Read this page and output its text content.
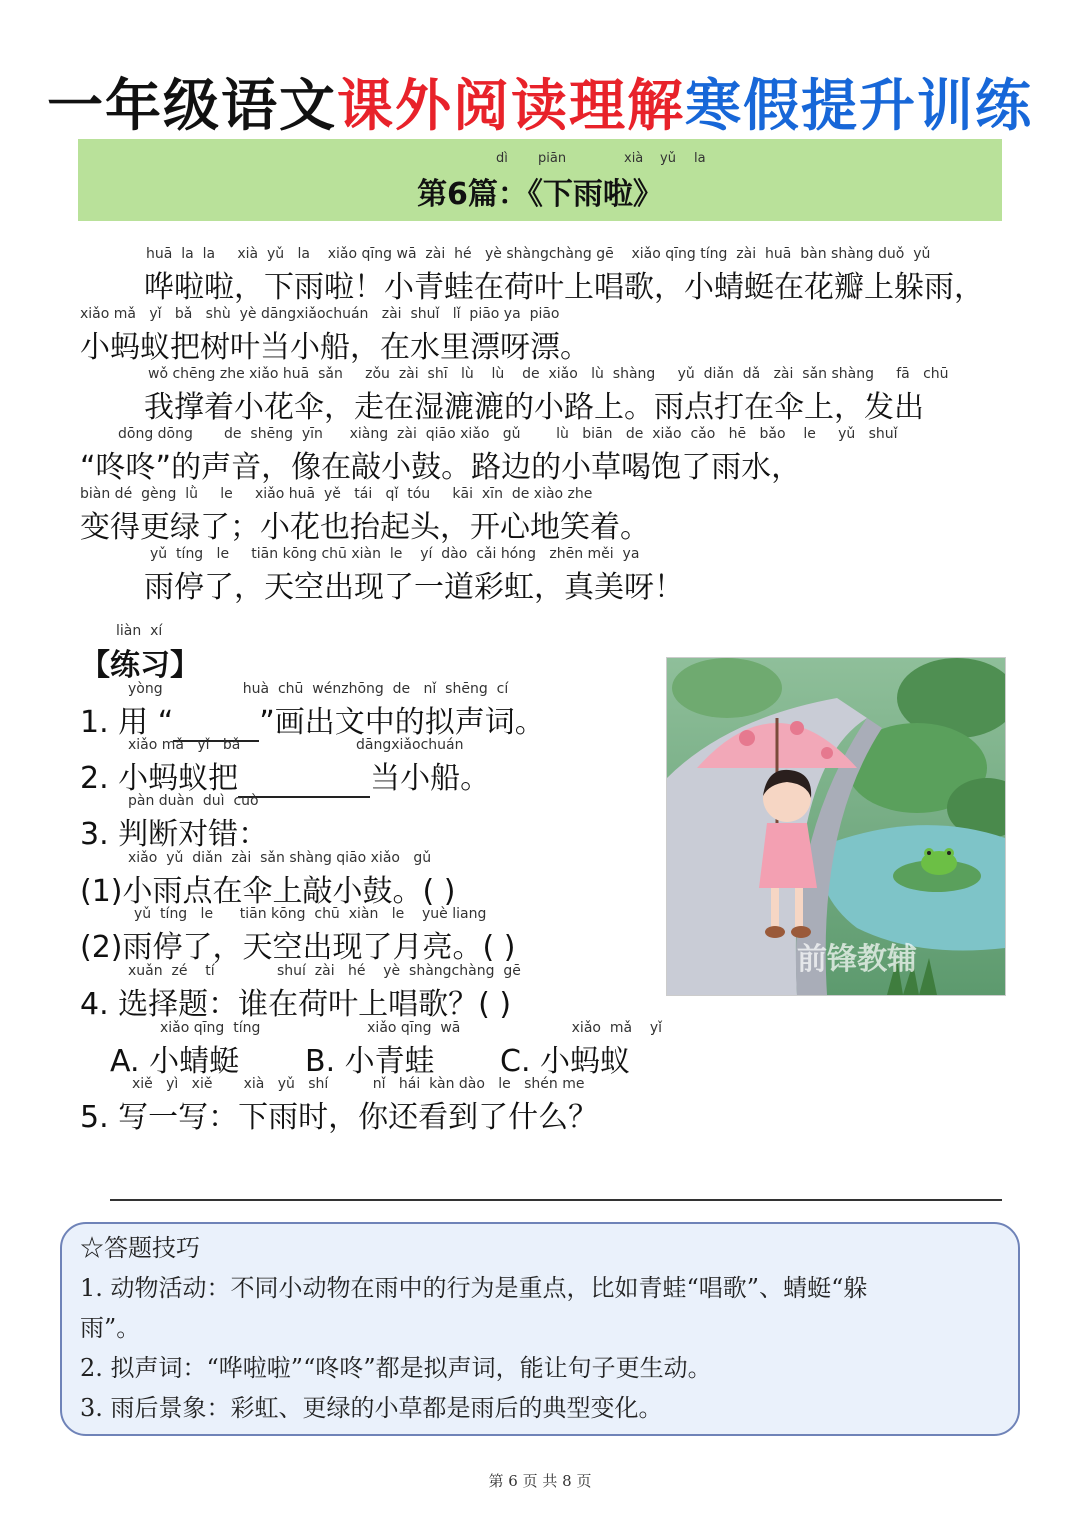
一年级语文课外阅读理解寒假提升训练
dì piān	xià yǔ la
第6篇：《下雨啦》
huā  la  la     xià  yǔ   la    xiǎo qīng wā  zài  hé   yè shàngchàng gē    xiǎo qīng tíng  zài  huā  bàn shàng duǒ  yǔ
哗啦啦，下雨啦！小青蛙在荷叶上唱歌，小蜻蜓在花瓣上躲雨，
xiǎo mǎ   yǐ   bǎ   shù  yè dāngxiǎochuán   zài  shuǐ   lǐ  piāo ya  piāo
小蚂蚁把树叶当小船，在水里漂呀漂。
wǒ chēng zhe xiǎo huā  sǎn     zǒu  zài  shī   lù    lù    de  xiǎo   lù  shàng     yǔ  diǎn  dǎ   zài  sǎn shàng     fā   chū
我撑着小花伞，走在湿漉漉的小路上。雨点打在伞上，发出
dōng dōng       de  shēng  yīn      xiàng  zài  qiāo xiǎo   gǔ        lù   biān   de  xiǎo  cǎo   hē   bǎo    le     yǔ   shuǐ
“咚咚”的声音，像在敲小鼓。路边的小草喝饱了雨水，
biàn dé  gèng  lǜ     le     xiǎo huā  yě   tái   qǐ  tóu     kāi  xīn  de xiào zhe
变得更绿了；小花也抬起头，开心地笑着。
yǔ  tíng   le     tiān kōng chū xiàn  le    yí  dào  cǎi hóng   zhēn měi  ya
雨停了，天空出现了一道彩虹，真美呀！
liàn  xí
【练习】
yòng                  huà  chū  wénzhōng  de   nǐ  shēng  cí
1. 用 “	”画出文中的拟声词。
xiǎo mǎ   yǐ   bǎ                          dāngxiǎochuán
2. 小蚂蚁把	当小船。
pàn duàn  duì  cuò
3. 判断对错：
xiǎo  yǔ  diǎn  zài  sǎn shàng qiāo xiǎo   gǔ
(1)小雨点在伞上敲小鼓。( )
yǔ  tíng   le      tiān kōng  chū  xiàn   le    yuè liang
(2)雨停了，天空出现了月亮。( )
xuǎn  zé    tí              shuí  zài   hé    yè  shàngchàng  gē
4. 选择题：谁在荷叶上唱歌？( )
xiǎo qīng  tíng                        xiǎo qīng  wā                         xiǎo  mǎ    yǐ
A. 小蜻蜓 B. 小青蛙 C. 小蚂蚁
xiě   yì   xiě       xià   yǔ   shí          nǐ   hái  kàn dào   le   shén me
5. 写一写：下雨时，你还看到了什么？
前锋教辅
☆答题技巧
1. 动物活动：不同小动物在雨中的行为是重点，比如青蛙“唱歌”、蜻蜓“躲
雨”。
2. 拟声词：“哗啦啦”“咚咚”都是拟声词，能让句子更生动。
3. 雨后景象：彩虹、更绿的小草都是雨后的典型变化。
第 6 页 共 8 页
